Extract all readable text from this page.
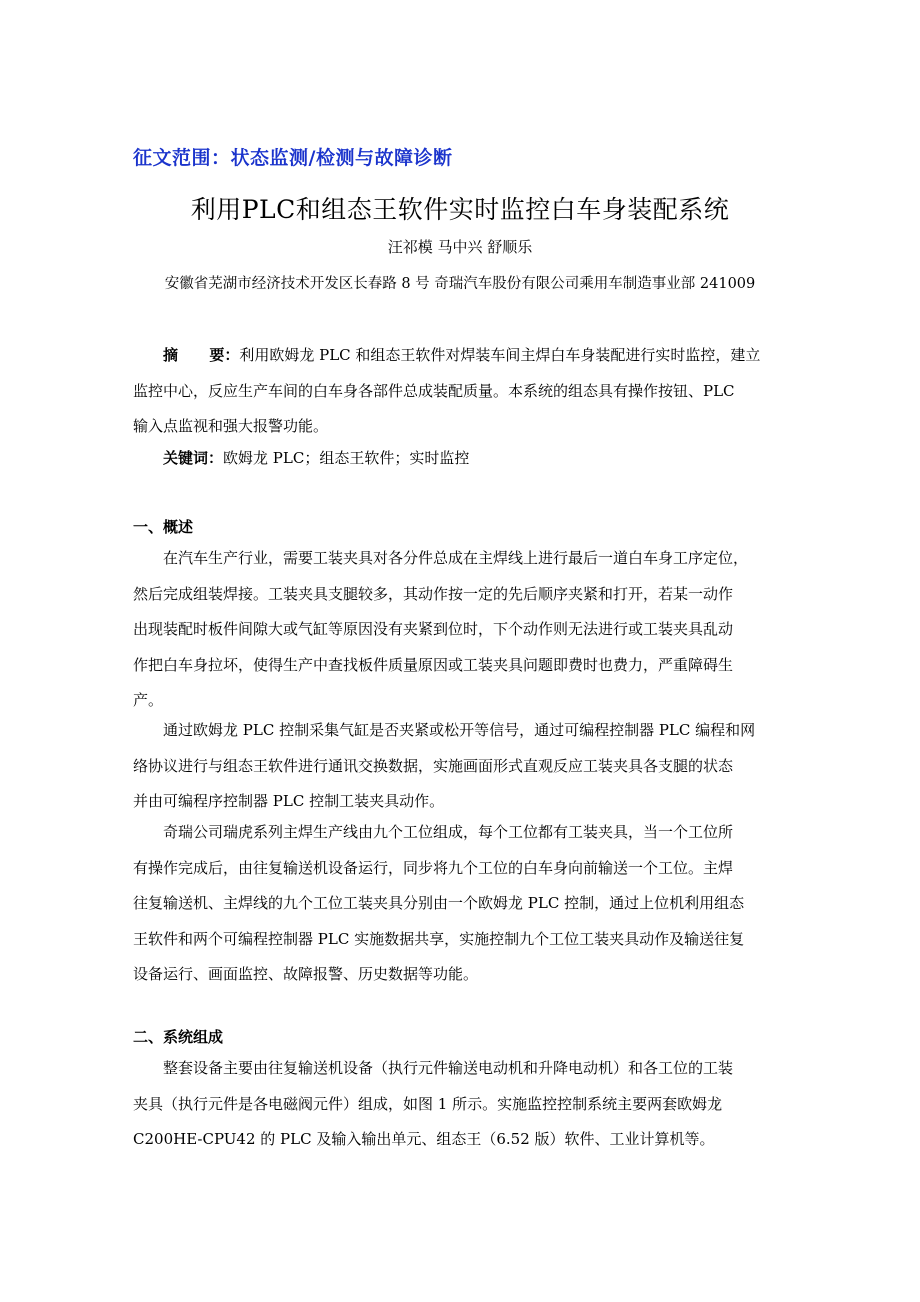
征文范围：状态监测/检测与故障诊断
利用PLC和组态王软件实时监控白车身装配系统
汪祁模 马中兴 舒顺乐
安徽省芜湖市经济技术开发区长春路 8 号 奇瑞汽车股份有限公司乘用车制造事业部 241009
摘      要：利用欧姆龙 PLC 和组态王软件对焊装车间主焊白车身装配进行实时监控，建立
监控中心，反应生产车间的白车身各部件总成装配质量。本系统的组态具有操作按钮、PLC
输入点监视和强大报警功能。
关键词：欧姆龙 PLC；组态王软件；实时监控
一、概述
在汽车生产行业，需要工装夹具对各分件总成在主焊线上进行最后一道白车身工序定位，
然后完成组装焊接。工装夹具支腿较多，其动作按一定的先后顺序夹紧和打开，若某一动作
出现装配时板件间隙大或气缸等原因没有夹紧到位时，下个动作则无法进行或工装夹具乱动
作把白车身拉坏，使得生产中查找板件质量原因或工装夹具问题即费时也费力，严重障碍生
产。
通过欧姆龙 PLC 控制采集气缸是否夹紧或松开等信号，通过可编程控制器 PLC 编程和网
络协议进行与组态王软件进行通讯交换数据，实施画面形式直观反应工装夹具各支腿的状态
并由可编程序控制器 PLC 控制工装夹具动作。
奇瑞公司瑞虎系列主焊生产线由九个工位组成，每个工位都有工装夹具，当一个工位所
有操作完成后，由往复输送机设备运行，同步将九个工位的白车身向前输送一个工位。主焊
往复输送机、主焊线的九个工位工装夹具分别由一个欧姆龙 PLC 控制，通过上位机利用组态
王软件和两个可编程控制器 PLC 实施数据共享，实施控制九个工位工装夹具动作及输送往复
设备运行、画面监控、故障报警、历史数据等功能。
二、系统组成
整套设备主要由往复输送机设备（执行元件输送电动机和升降电动机）和各工位的工装
夹具（执行元件是各电磁阀元件）组成，如图 1 所示。实施监控控制系统主要两套欧姆龙
C200HE-CPU42 的 PLC 及输入输出单元、组态王（6.52 版）软件、工业计算机等。
